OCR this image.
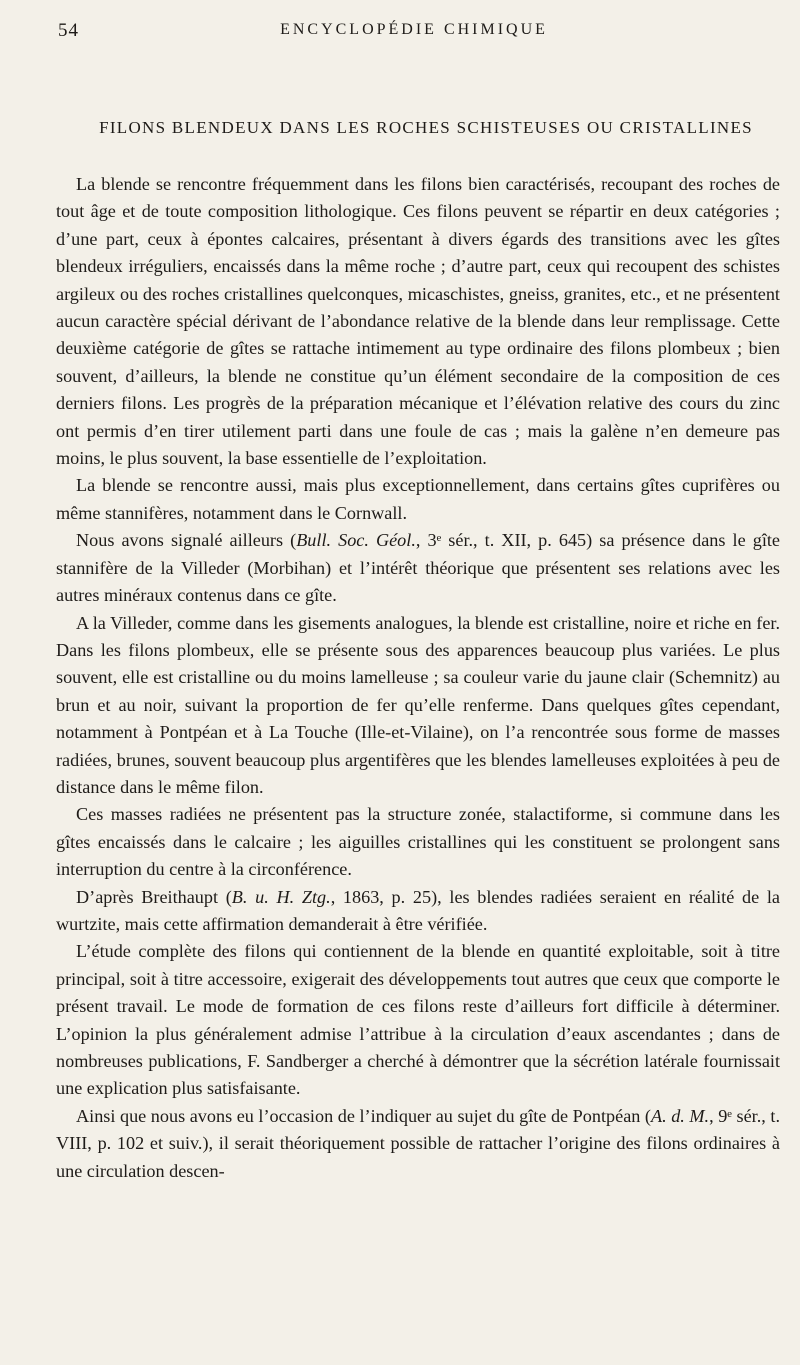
54	ENCYCLOPÉDIE CHIMIQUE
FILONS BLENDEUX DANS LES ROCHES SCHISTEUSES OU CRISTALLINES

La blende se rencontre fréquemment dans les filons bien caractérisés, recoupant des roches de tout âge et de toute composition lithologique. Ces filons peuvent se répartir en deux catégories ; d’une part, ceux à épontes calcaires, présentant à divers égards des transitions avec les gîtes blendeux irréguliers, encaissés dans la même roche ; d’autre part, ceux qui recoupent des schistes argileux ou des roches cristallines quelconques, micaschistes, gneiss, granites, etc., et ne présentent aucun caractère spécial dérivant de l’abondance relative de la blende dans leur remplissage. Cette deuxième catégorie de gîtes se rattache intimement au type ordinaire des filons plombeux ; bien souvent, d’ailleurs, la blende ne constitue qu’un élément secondaire de la composition de ces derniers filons. Les progrès de la préparation mécanique et l’élévation relative des cours du zinc ont permis d’en tirer utilement parti dans une foule de cas ; mais la galène n’en demeure pas moins, le plus souvent, la base essentielle de l’exploitation.

La blende se rencontre aussi, mais plus exceptionnellement, dans certains gîtes cuprifères ou même stannifères, notamment dans le Cornwall.

Nous avons signalé ailleurs (Bull. Soc. Géol., 3ᵉ sér., t. XII, p. 645) sa présence dans le gîte stannifère de la Villeder (Morbihan) et l’intérêt théorique que présentent ses relations avec les autres minéraux contenus dans ce gîte.

A la Villeder, comme dans les gisements analogues, la blende est cristalline, noire et riche en fer. Dans les filons plombeux, elle se présente sous des apparences beaucoup plus variées. Le plus souvent, elle est cristalline ou du moins lamelleuse ; sa couleur varie du jaune clair (Schemnitz) au brun et au noir, suivant la proportion de fer qu’elle renferme. Dans quelques gîtes cependant, notamment à Pontpéan et à La Touche (Ille-et-Vilaine), on l’a rencontrée sous forme de masses radiées, brunes, souvent beaucoup plus argentifères que les blendes lamelleuses exploitées à peu de distance dans le même filon.

Ces masses radiées ne présentent pas la structure zonée, stalactiforme, si commune dans les gîtes encaissés dans le calcaire ; les aiguilles cristallines qui les constituent se prolongent sans interruption du centre à la circonférence.

D’après Breithaupt (B. u. H. Ztg., 1863, p. 25), les blendes radiées seraient en réalité de la wurtzite, mais cette affirmation demanderait à être vérifiée.

L’étude complète des filons qui contiennent de la blende en quantité exploitable, soit à titre principal, soit à titre accessoire, exigerait des développements tout autres que ceux que comporte le présent travail. Le mode de formation de ces filons reste d’ailleurs fort difficile à déterminer. L’opinion la plus généralement admise l’attribue à la circulation d’eaux ascendantes ; dans de nombreuses publications, F. Sandberger a cherché à démontrer que la sécrétion latérale fournissait une explication plus satisfaisante.

Ainsi que nous avons eu l’occasion de l’indiquer au sujet du gîte de Pontpéan (A. d. M., 9ᵉ sér., t. VIII, p. 102 et suiv.), il serait théoriquement possible de rattacher l’origine des filons ordinaires à une circulation descen-
